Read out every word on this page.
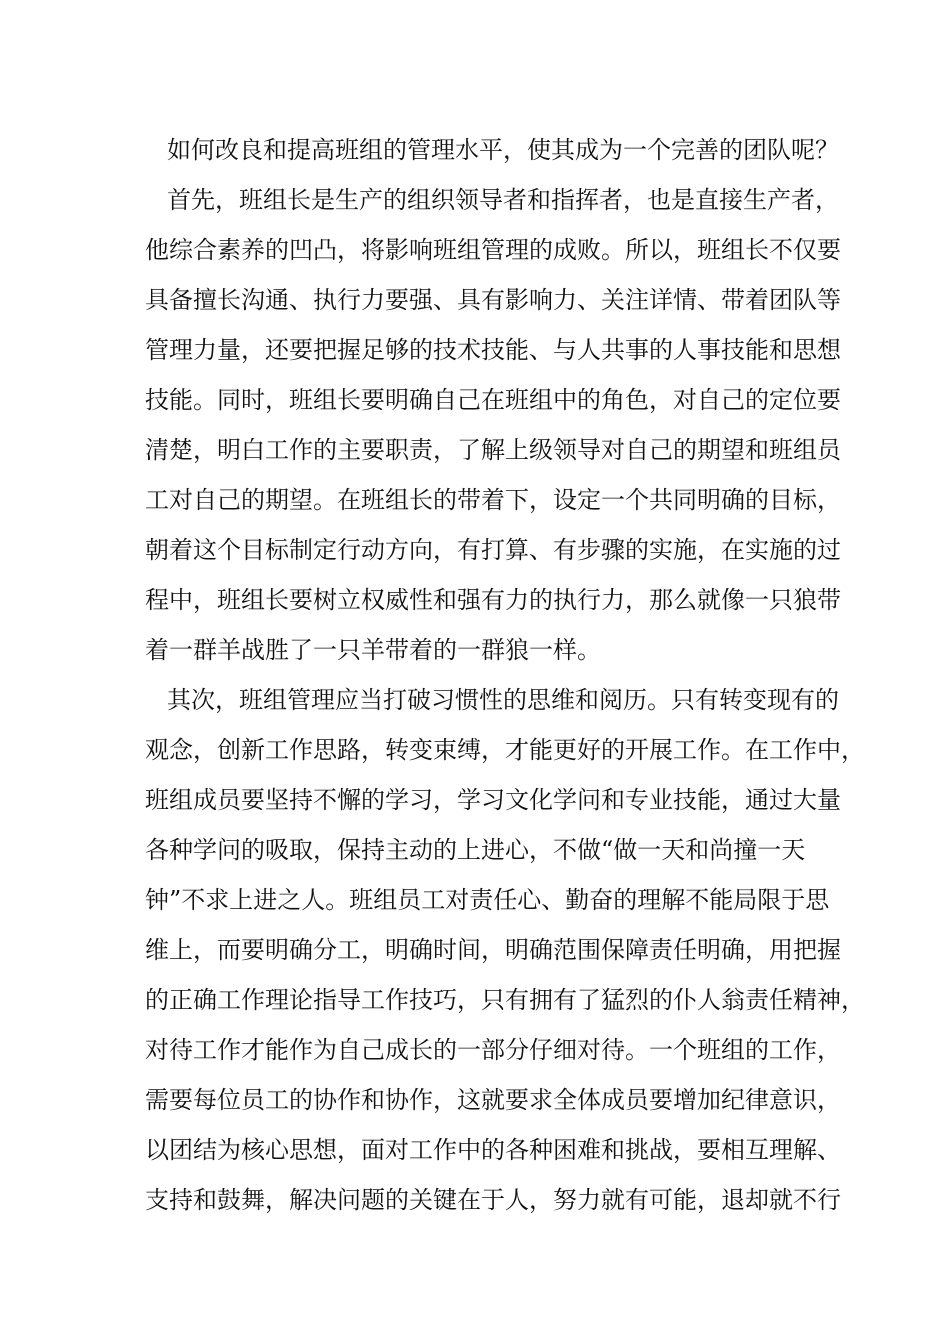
如何改良和提高班组的管理水平，使其成为一个完善的团队呢？
首先，班组长是生产的组织领导者和指挥者，也是直接生产者，
他综合素养的凹凸，将影响班组管理的成败。所以，班组长不仅要
具备擅长沟通、执行力要强、具有影响力、关注详情、带着团队等
管理力量，还要把握足够的技术技能、与人共事的人事技能和思想
技能。同时，班组长要明确自己在班组中的角色，对自己的定位要
清楚，明白工作的主要职责，了解上级领导对自己的期望和班组员
工对自己的期望。在班组长的带着下，设定一个共同明确的目标，
朝着这个目标制定行动方向，有打算、有步骤的实施，在实施的过
程中，班组长要树立权威性和强有力的执行力，那么就像一只狼带
着一群羊战胜了一只羊带着的一群狼一样。
其次，班组管理应当打破习惯性的思维和阅历。只有转变现有的
观念，创新工作思路，转变束缚，才能更好的开展工作。在工作中，
班组成员要坚持不懈的学习，学习文化学问和专业技能，通过大量
各种学问的吸取，保持主动的上进心，不做“做一天和尚撞一天
钟”不求上进之人。班组员工对责任心、勤奋的理解不能局限于思
维上，而要明确分工，明确时间，明确范围保障责任明确，用把握
的正确工作理论指导工作技巧，只有拥有了猛烈的仆人翁责任精神，
对待工作才能作为自己成长的一部分仔细对待。一个班组的工作，
需要每位员工的协作和协作，这就要求全体成员要增加纪律意识，
以团结为核心思想，面对工作中的各种困难和挑战，要相互理解、
支持和鼓舞，解决问题的关键在于人，努力就有可能，退却就不行
